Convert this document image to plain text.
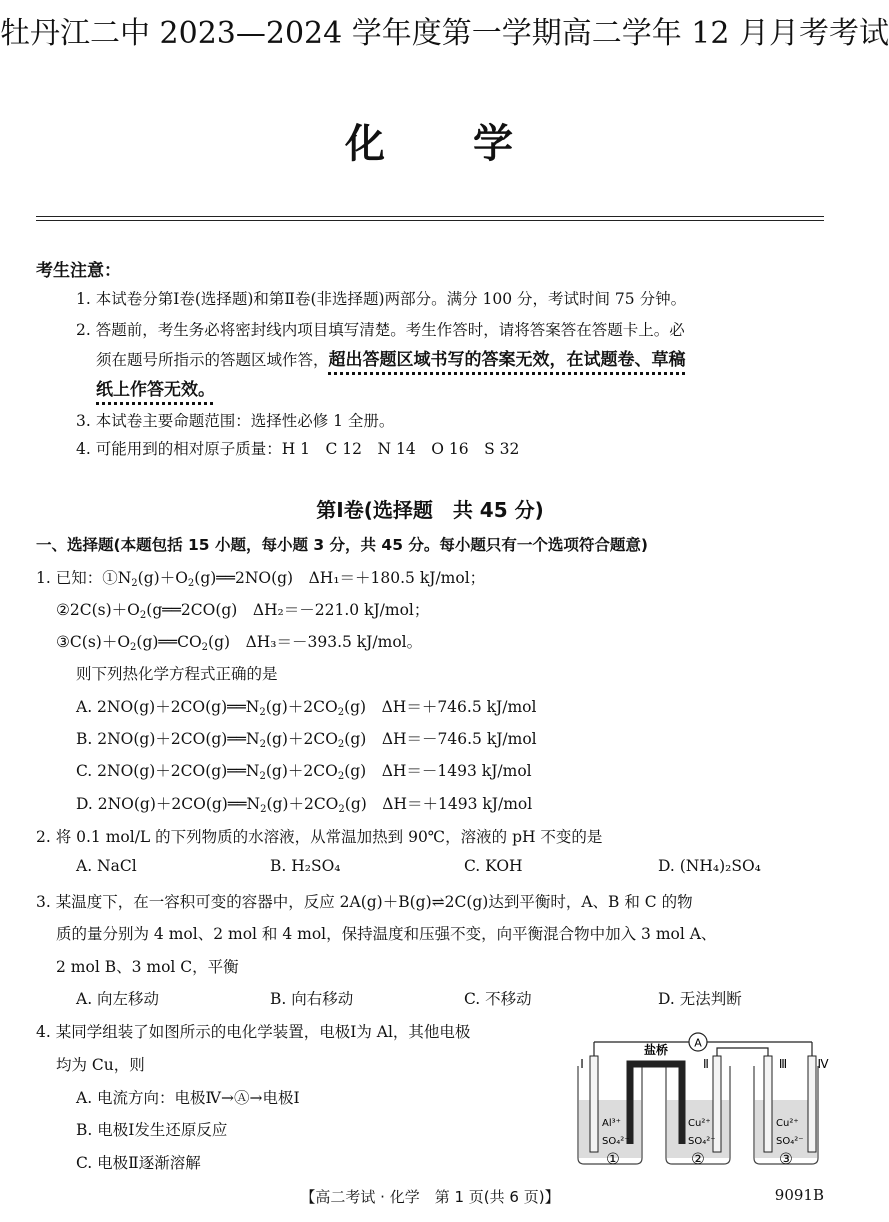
牡丹江二中 2023—2024 学年度第一学期高二学年 12 月月考考试
化 学
考生注意：
1. 本试卷分第Ⅰ卷(选择题)和第Ⅱ卷(非选择题)两部分。满分 100 分，考试时间 75 分钟。
2. 答题前，考生务必将密封线内项目填写清楚。考生作答时，请将答案答在答题卡上。必
须在题号所指示的答题区域作答，超出答题区域书写的答案无效，在试题卷、草稿
纸上作答无效。
3. 本试卷主要命题范围：选择性必修 1 全册。
4. 可能用到的相对原子质量：H 1　C 12　N 14　O 16　S 32
第Ⅰ卷(选择题　共 45 分)
一、选择题(本题包括 15 小题，每小题 3 分，共 45 分。每小题只有一个选项符合题意)
1. 已知：$①N_2(g)+O_2(g)══2NO(g)$　ΔH₁＝＋180.5 kJ/mol；
$②2C(s)+O_2(g══2CO(g)$　ΔH₂＝－221.0 kJ/mol；
$③C(s)+O_2(g)══CO_2(g)$　ΔH₃＝－393.5 kJ/mol。
则下列热化学方程式正确的是
A. $2NO(g)+2CO(g)══N_2(g)+2CO_2(g)$　ΔH＝＋746.5 kJ/mol
B. $2NO(g)+2CO(g)══N_2(g)+2CO_2(g)$　ΔH＝－746.5 kJ/mol
C. $2NO(g)+2CO(g)══N_2(g)+2CO_2(g)$　ΔH＝－1493 kJ/mol
D. $2NO(g)+2CO(g)══N_2(g)+2CO_2(g)$　ΔH＝＋1493 kJ/mol
2. 将 0.1 mol/L 的下列物质的水溶液，从常温加热到 90℃，溶液的 pH 不变的是
A. NaCl	B. H₂SO₄	C. KOH	D. (NH₄)₂SO₄
3. 某温度下，在一容积可变的容器中，反应 2A(g)＋B(g)⇌2C(g)达到平衡时，A、B 和 C 的物
质的量分别为 4 mol、2 mol 和 4 mol，保持温度和压强不变，向平衡混合物中加入 3 mol A、
2 mol B、3 mol C，平衡
A. 向左移动	B. 向右移动	C. 不移动	D. 无法判断
4. 某同学组装了如图所示的电化学装置，电极Ⅰ为 Al，其他电极
均为 Cu，则
A. 电流方向：电极Ⅳ→Ⓐ→电极Ⅰ
B. 电极Ⅰ发生还原反应
C. 电极Ⅱ逐渐溶解
A
盐桥
Ⅰ	Ⅱ	Ⅲ	Ⅳ
Al³⁺
SO₄²⁻
Cu²⁺
SO₄²⁻
Cu²⁺
SO₄²⁻
①	②	③
【高二考试 · 化学　第 1 页(共 6 页)】	9091B
